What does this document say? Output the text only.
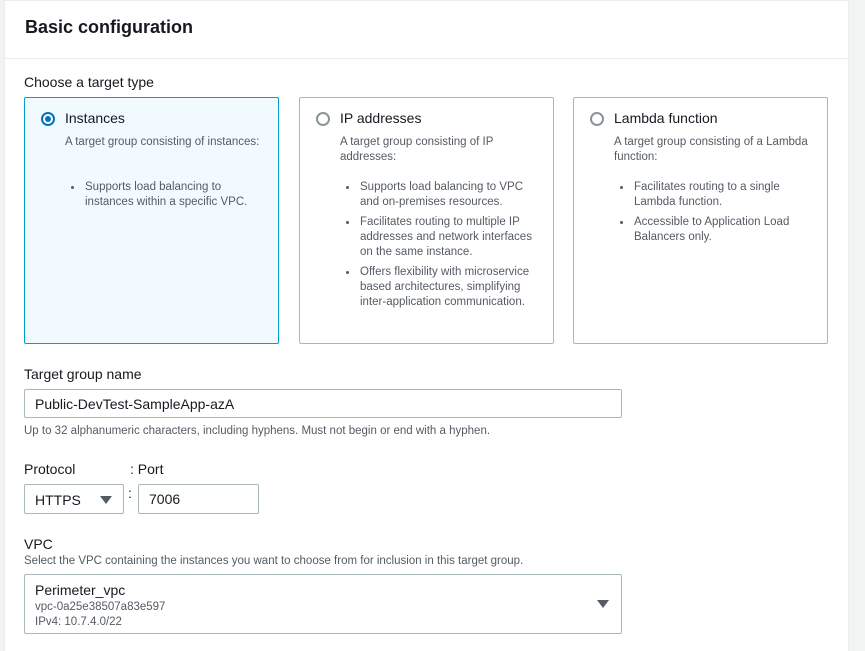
Basic configuration
Choose a target type
Instances
A target group consisting of instances:
Supports load balancing to instances within a specific VPC.
IP addresses
A target group consisting of IP addresses:
Supports load balancing to VPC and on-premises resources.
Facilitates routing to multiple IP addresses and network interfaces on the same instance.
Offers flexibility with microservice based architectures, simplifying inter-application communication.
Lambda function
A target group consisting of a Lambda function:
Facilitates routing to a single Lambda function.
Accessible to Application Load Balancers only.
Target group name
Public-DevTest-SampleApp-azA
Up to 32 alphanumeric characters, including hyphens. Must not begin or end with a hyphen.
Protocol	: Port
HTTPS	:
7006
VPC
Select the VPC containing the instances you want to choose from for inclusion in this target group.
Perimeter_vpc
vpc-0a25e38507a83e597
IPv4: 10.7.4.0/22
